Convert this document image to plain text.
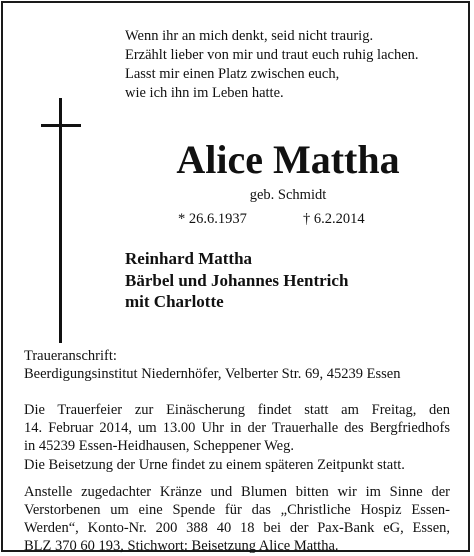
Wenn ihr an mich denkt, seid nicht traurig.
Erzählt lieber von mir und traut euch ruhig lachen.
Lasst mir einen Platz zwischen euch,
wie ich ihn im Leben hatte.
Alice Mattha
geb. Schmidt
* 26.6.1937	† 6.2.2014
Reinhard Mattha
Bärbel und Johannes Hentrich
mit Charlotte
Traueranschrift:
Beerdigungsinstitut Niedernhöfer, Velberter Str. 69, 45239 Essen
Die Trauerfeier zur Einäscherung findet statt am Freitag, den
14. Februar 2014, um 13.00 Uhr in der Trauerhalle des Bergfriedhofs
in 45239 Essen-Heidhausen, Scheppener Weg.
Die Beisetzung der Urne findet zu einem späteren Zeitpunkt statt.
Anstelle zugedachter Kränze und Blumen bitten wir im Sinne der
Verstorbenen um eine Spende für das „Christliche Hospiz Essen-
Werden“, Konto-Nr. 200 388 40 18 bei der Pax-Bank eG, Essen,
BLZ 370 60 193, Stichwort: Beisetzung Alice Mattha.
